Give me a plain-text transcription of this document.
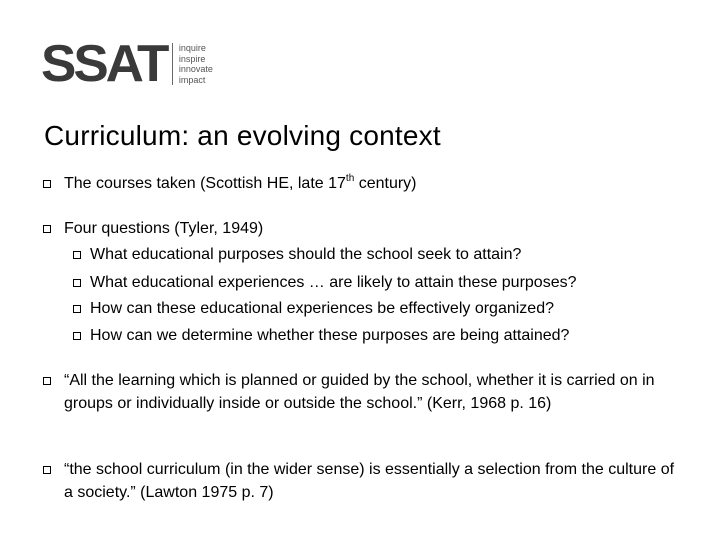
SSAT inquire
inspire
innovate
impact
Curriculum: an evolving context
The courses taken (Scottish HE, late 17th century)
Four questions (Tyler, 1949)
What educational purposes should the school seek to attain?
What educational experiences … are likely to attain these purposes?
How can these educational experiences be effectively organized?
How can we determine whether these purposes are being attained?
“All the learning which is planned or guided by the school, whether it is carried on in groups or individually inside or outside the school.” (Kerr, 1968 p. 16)
“the school curriculum (in the wider sense) is essentially a selection from the culture of a society.” (Lawton 1975 p. 7)
